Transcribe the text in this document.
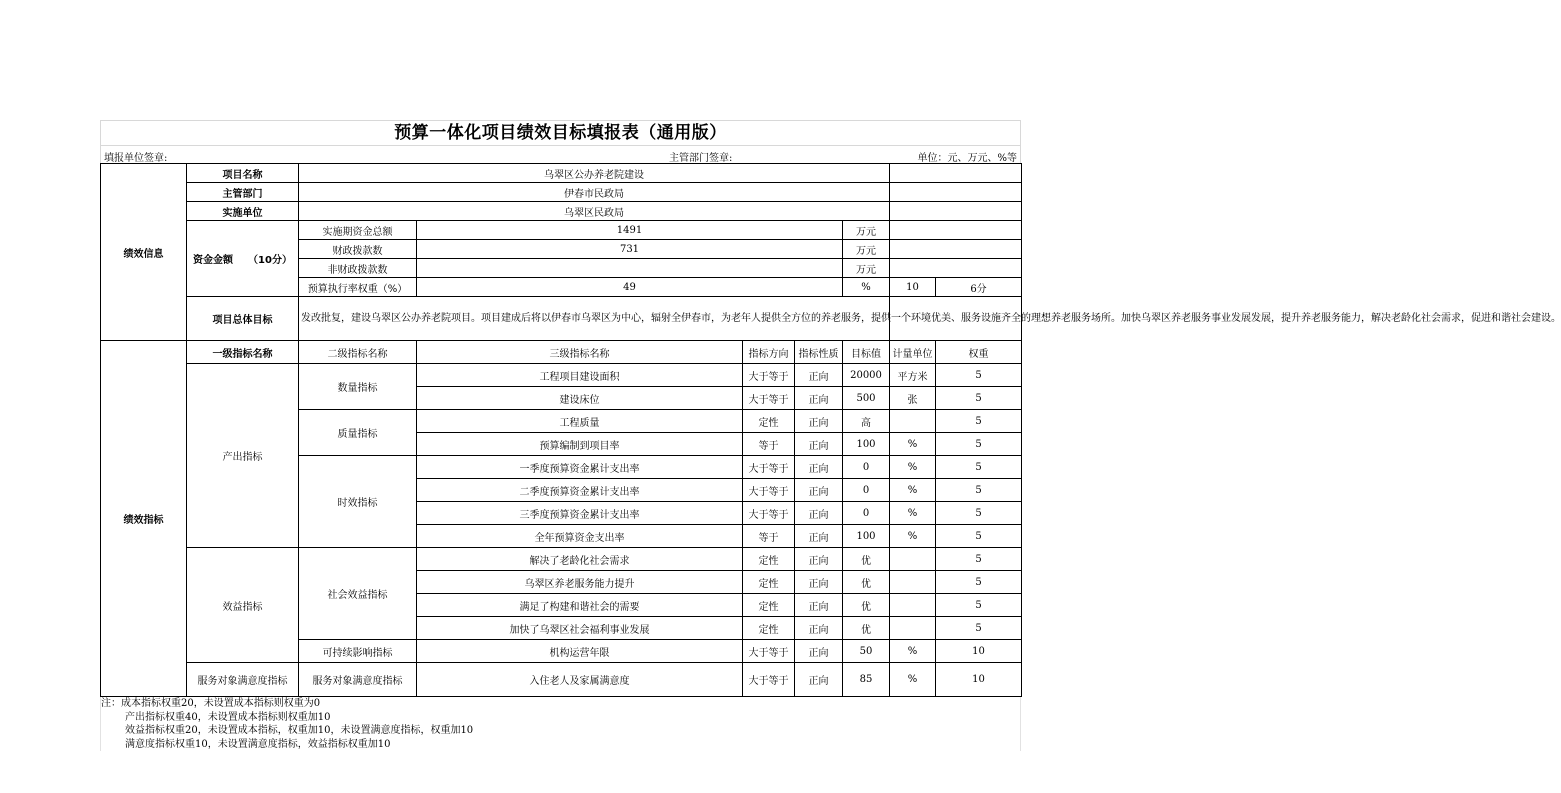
预算一体化项目绩效目标填报表（通用版）
填报单位签章:	主管部门签章:	单位：元、万元、%等
绩效信息	项目名称	乌翠区公办养老院建设							
	主管部门	伊春市民政局							
	实施单位	乌翠区民政局							
	资金金额　　（10分）	实施期资金总额	1491			万元			
		财政拨款数	731			万元			
		非财政拨款数				万元			
		预算执行率权重（%）	49			%	10	6分	
	项目总体目标	发改批复，建设乌翠区公办养老院项目。项目建成后将以伊春市乌翠区为中心，辐射全伊春市，为老年人提供全方位的养老服务，提供一个环境优美、服务设施齐全的理想养老服务场所。加快乌翠区养老服务事业发展发展，提升养老服务能力，解决老龄化社会需求，促进和谐社会建设。							
绩效指标	一级指标名称	二级指标名称	三级指标名称	指标方向	指标性质	目标值	计量单位	权重	
	产出指标	数量指标	工程项目建设面积	大于等于	正向	20000	平方米	5	
			建设床位	大于等于	正向	500	张	5	
		质量指标	工程质量	定性	正向	高		5	
			预算编制到项目率	等于	正向	100	%	5	
		时效指标	一季度预算资金累计支出率	大于等于	正向	0	%	5	
			二季度预算资金累计支出率	大于等于	正向	0	%	5	
			三季度预算资金累计支出率	大于等于	正向	0	%	5	
			全年预算资金支出率	等于	正向	100	%	5	
	效益指标	社会效益指标	解决了老龄化社会需求	定性	正向	优		5	
			乌翠区养老服务能力提升	定性	正向	优		5	
			满足了构建和谐社会的需要	定性	正向	优		5	
			加快了乌翠区社会福利事业发展	定性	正向	优		5	
		可持续影响指标	机构运营年限	大于等于	正向	50	%	10	
	服务对象满意度指标	服务对象满意度指标	入住老人及家属满意度	大于等于	正向	85	%	10	
注：成本指标权重20，未设置成本指标则权重为0
产出指标权重40，未设置成本指标则权重加10
效益指标权重20，未设置成本指标，权重加10，未设置满意度指标，权重加10
满意度指标权重10，未设置满意度指标，效益指标权重加10
